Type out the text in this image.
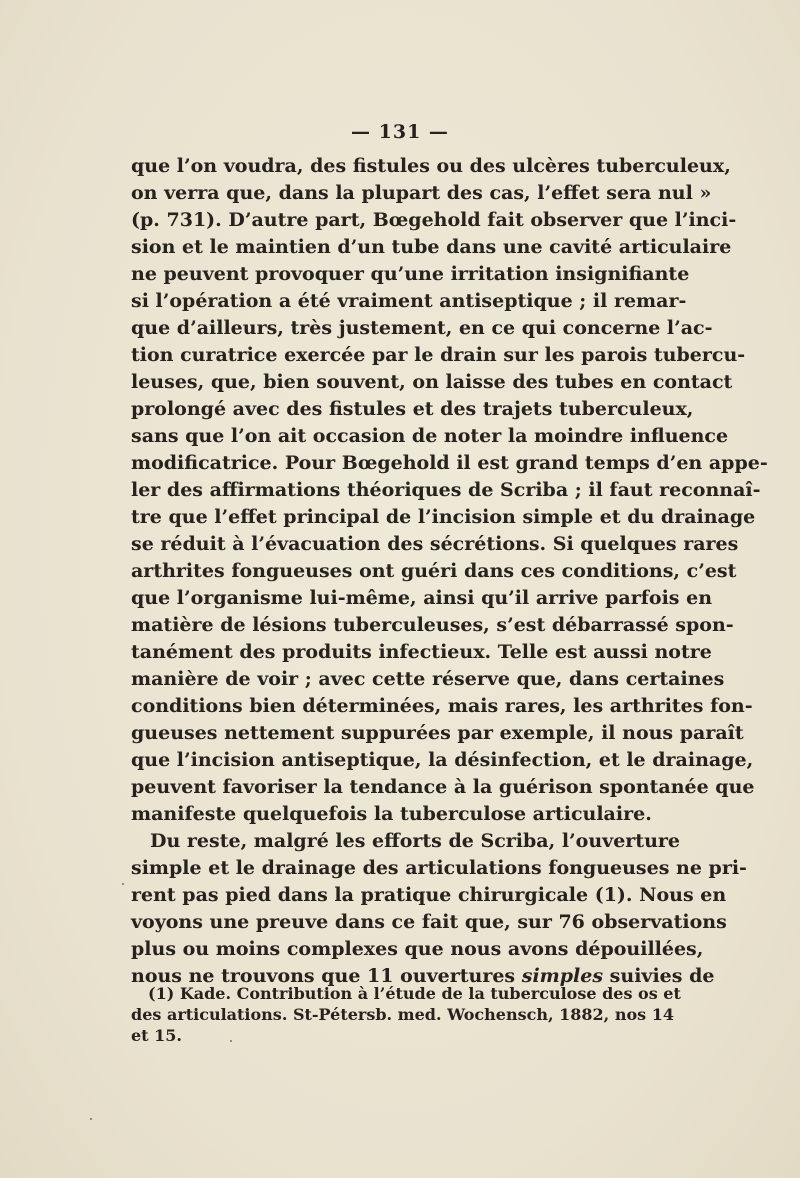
— 131 —
que l’on voudra, des fistules ou des ulcères tuberculeux,
on verra que, dans la plupart des cas, l’effet sera nul »
(p. 731). D’autre part, Bœgehold fait observer que l’inci-
sion et le maintien d’un tube dans une cavité articulaire
ne peuvent provoquer qu’une irritation insignifiante
si l’opération a été vraiment antiseptique ; il remar-
que d’ailleurs, très justement, en ce qui concerne l’ac-
tion curatrice exercée par le drain sur les parois tubercu-
leuses, que, bien souvent, on laisse des tubes en contact
prolongé avec des fistules et des trajets tuberculeux,
sans que l’on ait occasion de noter la moindre influence
modificatrice. Pour Bœgehold il est grand temps d’en appe-
ler des affirmations théoriques de Scriba ; il faut reconnaî-
tre que l’effet principal de l’incision simple et du drainage
se réduit à l’évacuation des sécrétions. Si quelques rares
arthrites fongueuses ont guéri dans ces conditions, c’est
que l’organisme lui-même, ainsi qu’il arrive parfois en
matière de lésions tuberculeuses, s’est débarrassé spon-
tanément des produits infectieux. Telle est aussi notre
manière de voir ; avec cette réserve que, dans certaines
conditions bien déterminées, mais rares, les arthrites fon-
gueuses nettement suppurées par exemple, il nous paraît
que l’incision antiseptique, la désinfection, et le drainage,
peuvent favoriser la tendance à la guérison spontanée que
manifeste quelquefois la tuberculose articulaire.
Du reste, malgré les efforts de Scriba, l’ouverture
simple et le drainage des articulations fongueuses ne pri-
rent pas pied dans la pratique chirurgicale (1). Nous en
voyons une preuve dans ce fait que, sur 76 observations
plus ou moins complexes que nous avons dépouillées,
nous ne trouvons que 11 ouvertures simples suivies de
(1) Kade. Contribution à l’étude de la tuberculose des os et
des articulations. St-Pétersb. med. Wochensch, 1882, nos 14
et 15.
